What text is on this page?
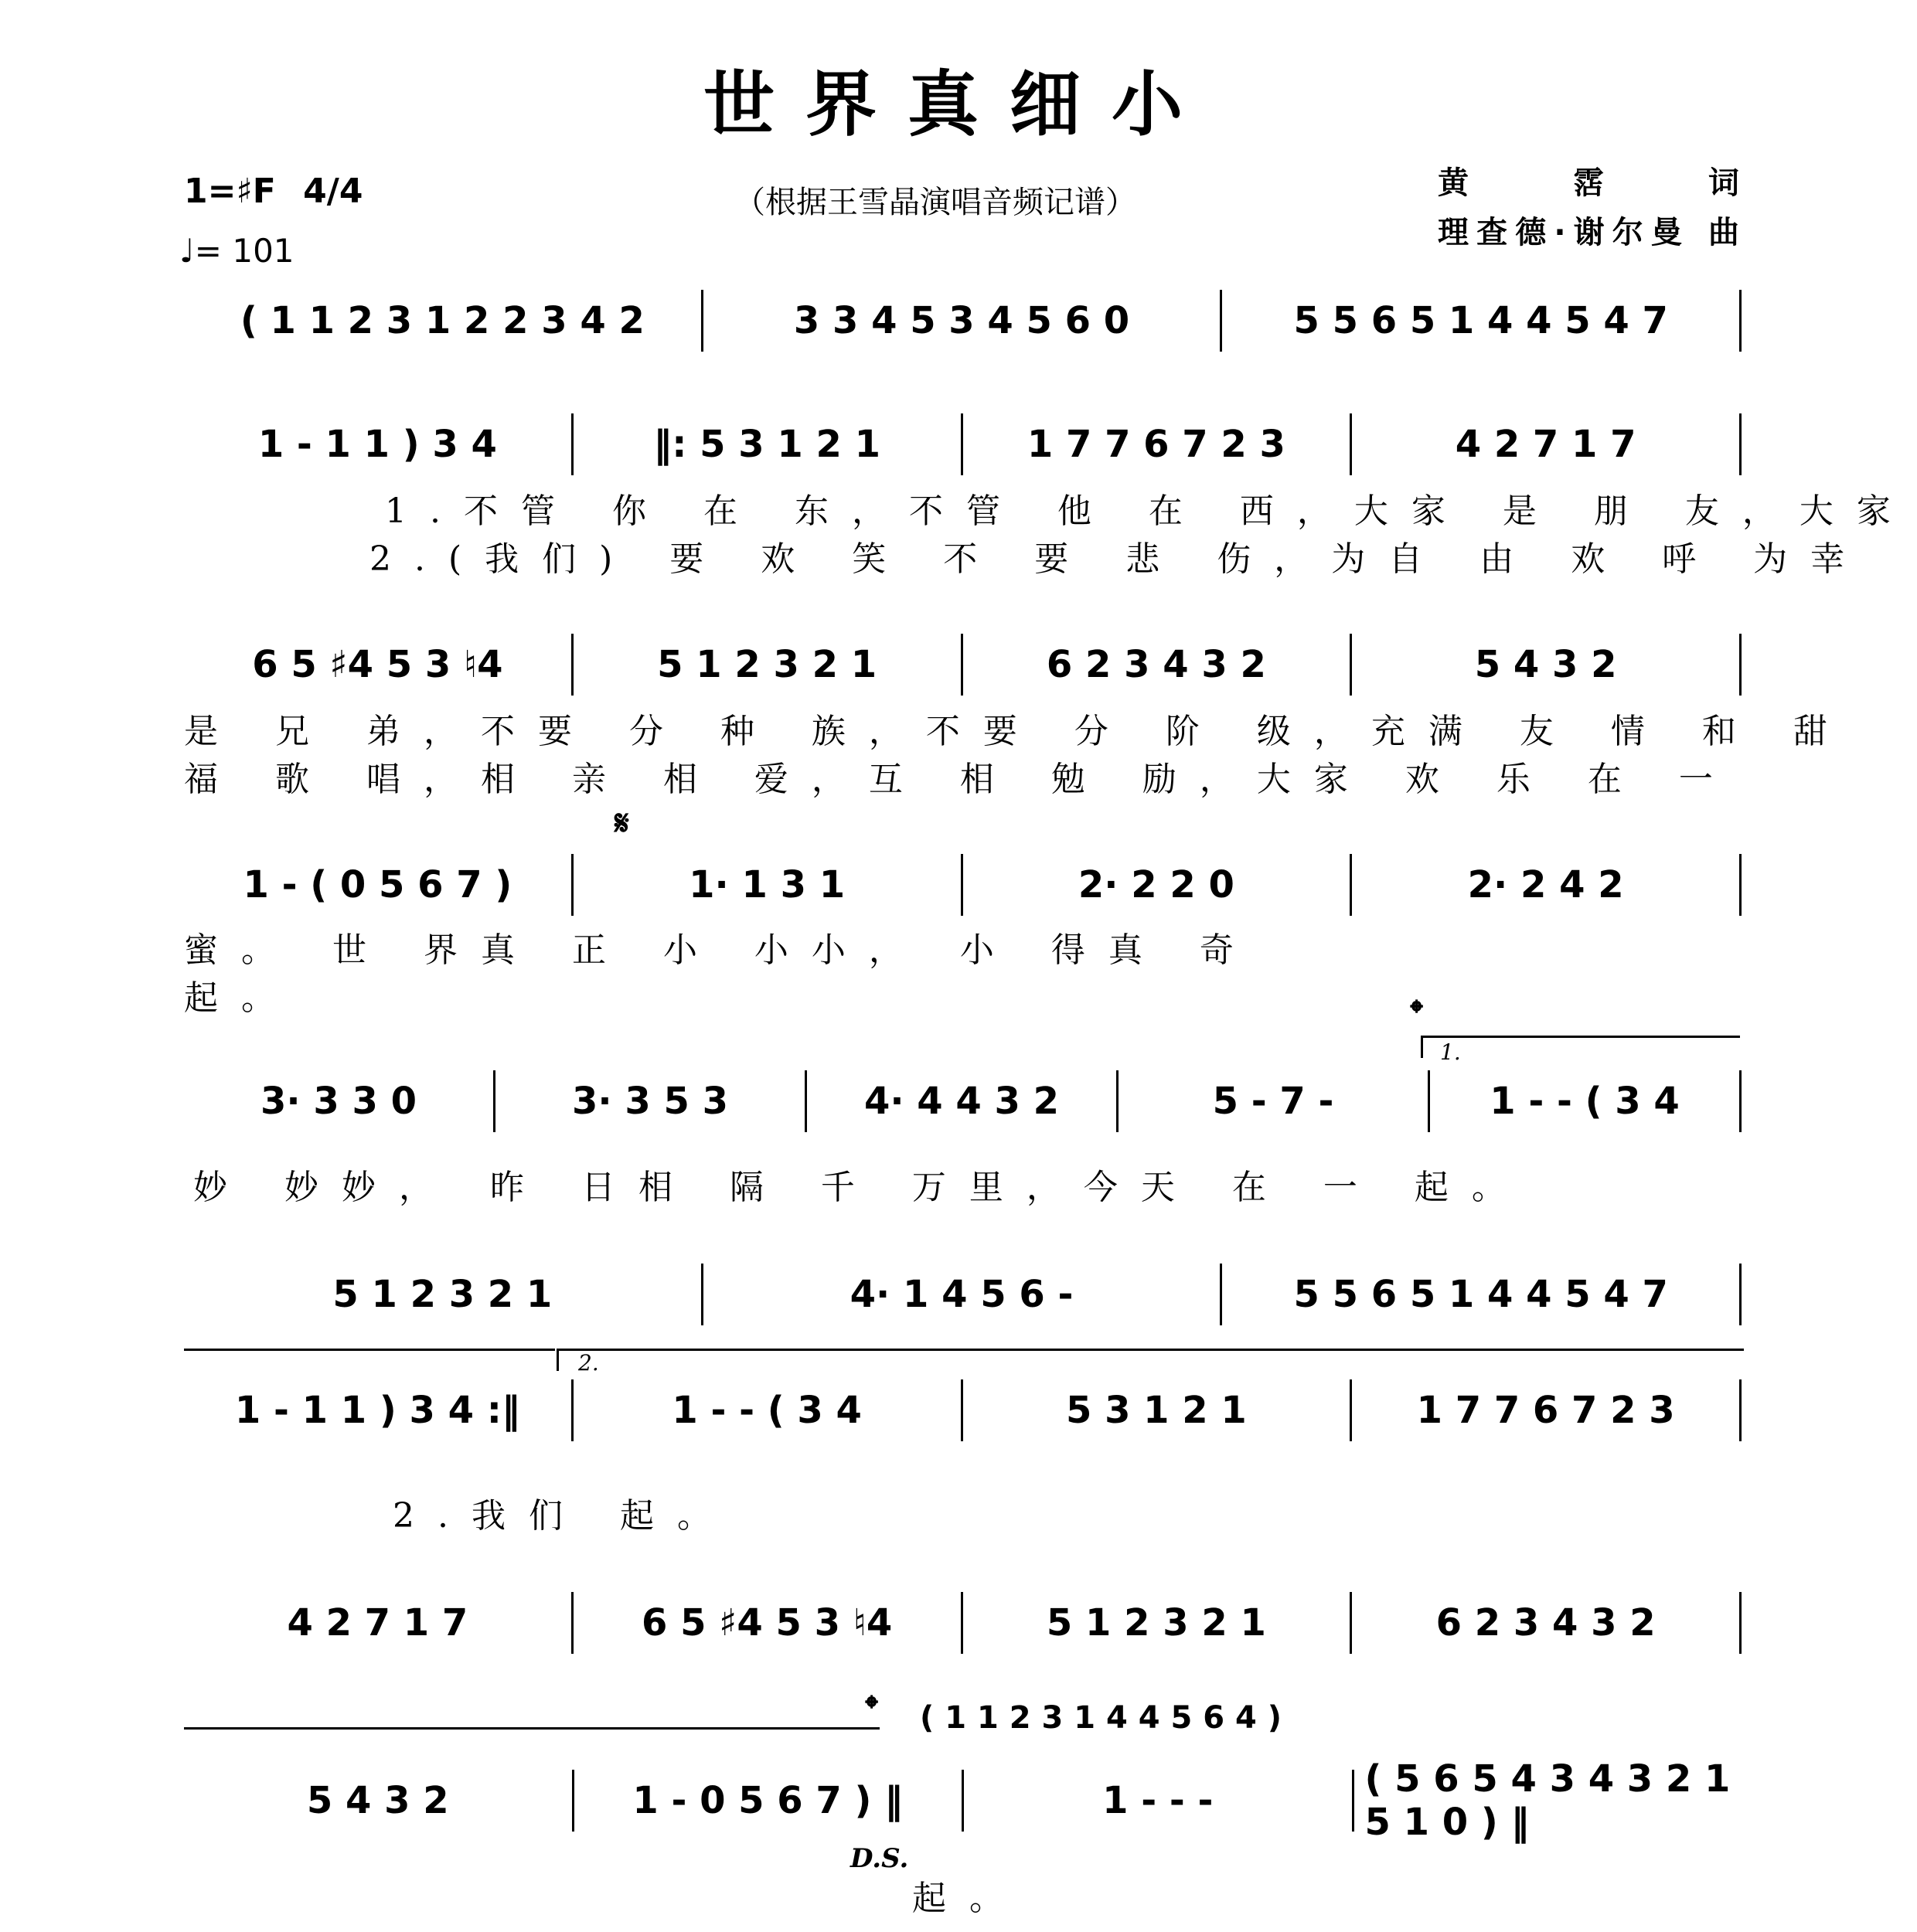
世界真细小
1=♯F 4/4
♩= 101
（根据王雪晶演唱音频记谱）
黄 霑 词
理查德·谢尔曼 曲
( 1 1 2 3 1 2 2 3 4 2	3 3 4 5 3 4 5 6 0	5 5 6 5 1 4 4 5 4 7
1 - 1 1 ) 3 4	‖: 5 3 1 2 1	1 7 7 6 7 2 3	4 2 7 1 7
1.不管 你 在 东，不管 他 在 西，大家 是 朋 友，大家
2.(我们) 要 欢 笑 不 要 悲 伤，为自 由 欢 呼 为幸
6 5 ♯4 5 3 ♮4	5 1 2 3 2 1	6 2 3 4 3 2	5 4 3 2
是 兄 弟，不要 分 种 族，不要 分 阶 级，充满 友 情 和 甜
福 歌 唱，相 亲 相 爱，互 相 勉 励，大家 欢 乐 在 一
𝄋
1 - ( 0 5 6 7 )	1· 1 3 1	2· 2 2 0	2· 2 4 2
蜜。 世 界真 正 小 小小， 小 得真 奇
起。	𝄌
1.
3· 3 3 0	3· 3 5 3	4· 4 4 3 2	5 - 7 -	1 - - ( 3 4
妙 妙妙， 昨 日相 隔 千 万里，今天 在 一 起。
5 1 2 3 2 1	4· 1 4 5 6 -	5 5 6 5 1 4 4 5 4 7
2.
1 - 1 1 ) 3 4 :‖	1 - - ( 3 4	5 3 1 2 1	1 7 7 6 7 2 3
2.我们 起。
4 2 7 1 7	6 5 ♯4 5 3 ♮4	5 1 2 3 2 1	6 2 3 4 3 2
𝄌 ( 1 1 2 3 1 4 4 5 6 4 )
5 4 3 2	1 - 0 5 6 7 ) ‖	1 - - -	( 5 6 5 4 3 4 3 2 1 5 1 0 ) ‖
D.S.
起。
